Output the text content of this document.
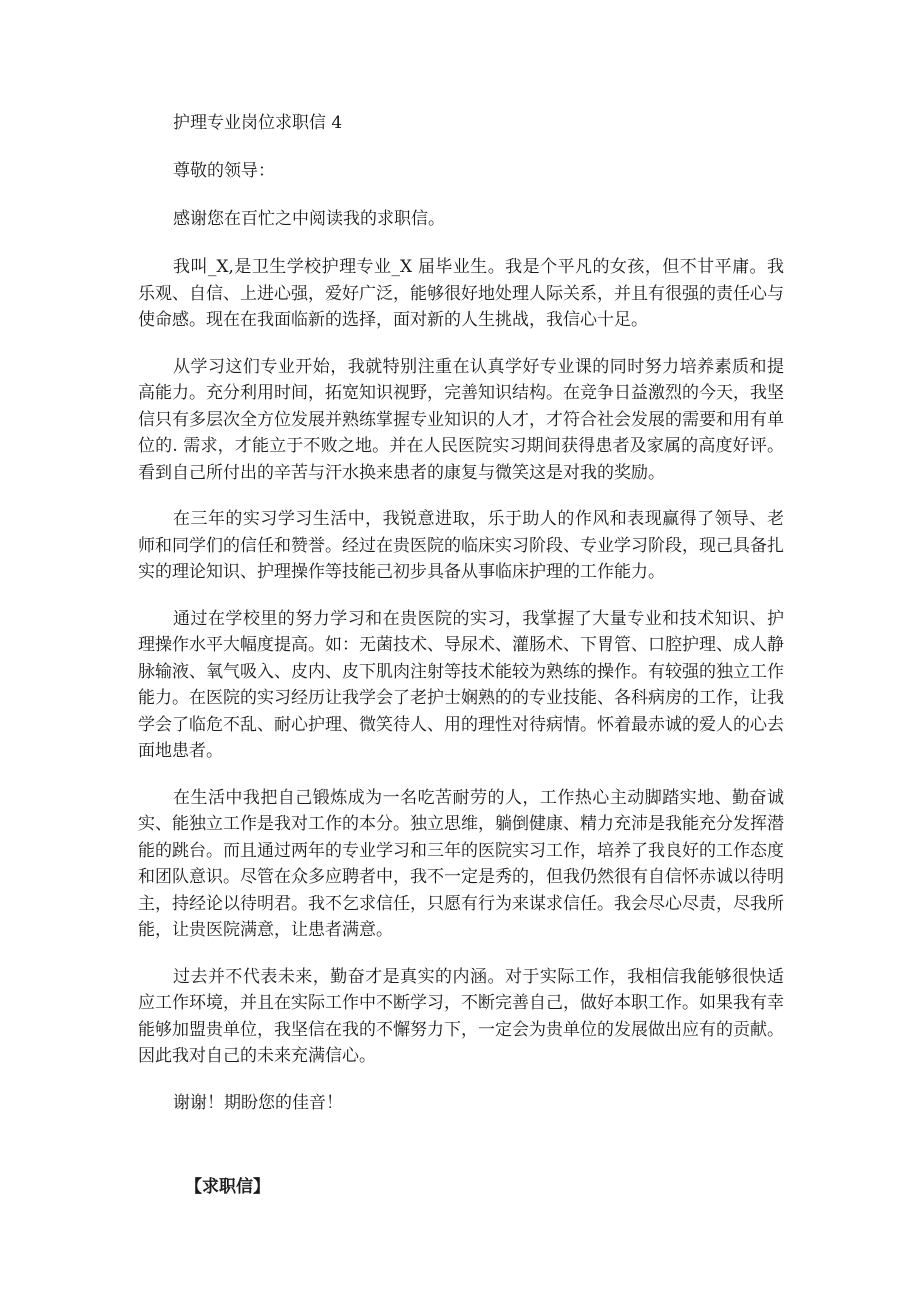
护理专业岗位求职信 4
尊敬的领导：
感谢您在百忙之中阅读我的求职信。

我叫_X,是卫生学校护理专业_X 届毕业生。我是个平凡的女孩，但不甘平庸。我乐观、自信、上进心强，爱好广泛，能够很好地处理人际关系，并且有很强的责任心与使命感。现在在我面临新的选择，面对新的人生挑战，我信心十足。

从学习这们专业开始，我就特别注重在认真学好专业课的同时努力培养素质和提高能力。充分利用时间，拓宽知识视野，完善知识结构。在竞争日益激烈的今天，我坚信只有多层次全方位发展并熟练掌握专业知识的人才，才符合社会发展的需要和用有单位的. 需求，才能立于不败之地。并在人民医院实习期间获得患者及家属的高度好评。看到自己所付出的辛苦与汗水换来患者的康复与微笑这是对我的奖励。

在三年的实习学习生活中，我锐意进取，乐于助人的作风和表现赢得了领导、老师和同学们的信任和赞誉。经过在贵医院的临床实习阶段、专业学习阶段，现己具备扎实的理论知识、护理操作等技能己初步具备从事临床护理的工作能力。

通过在学校里的努力学习和在贵医院的实习，我掌握了大量专业和技术知识、护理操作水平大幅度提高。如：无菌技术、导尿术、灌肠术、下胃管、口腔护理、成人静脉输液、氧气吸入、皮内、皮下肌肉注射等技术能较为熟练的操作。有较强的独立工作能力。在医院的实习经历让我学会了老护士娴熟的的专业技能、各科病房的工作，让我学会了临危不乱、耐心护理、微笑待人、用的理性对待病情。怀着最赤诚的爱人的心去面地患者。

在生活中我把自己锻炼成为一名吃苦耐劳的人，工作热心主动脚踏实地、勤奋诚实、能独立工作是我对工作的本分。独立思维，躺倒健康、精力充沛是我能充分发挥潜能的跳台。而且通过两年的专业学习和三年的医院实习工作，培养了我良好的工作态度和团队意识。尽管在众多应聘者中，我不一定是秀的，但我仍然很有自信怀赤诚以待明主，持经论以待明君。我不乞求信任，只愿有行为来谋求信任。我会尽心尽责，尽我所能，让贵医院满意，让患者满意。

过去并不代表未来，勤奋才是真实的内涵。对于实际工作，我相信我能够很快适应工作环境，并且在实际工作中不断学习，不断完善自己，做好本职工作。如果我有幸能够加盟贵单位，我坚信在我的不懈努力下，一定会为贵单位的发展做出应有的贡献。因此我对自己的未来充满信心。

谢谢！期盼您的佳音！
【求职信】
